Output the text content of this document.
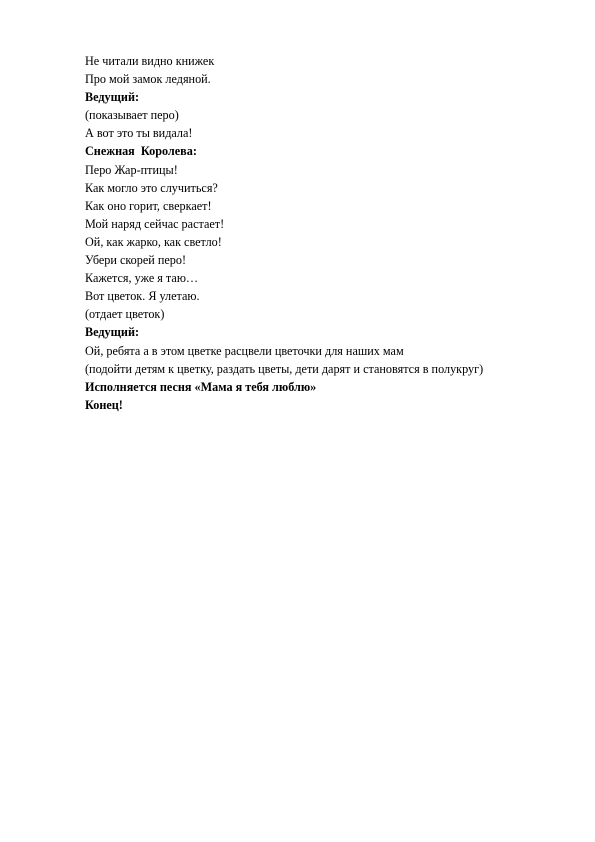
Не читали видно книжек

Про мой замок ледяной.

Ведущий:

(показывает перо)

А вот это ты видала!

Снежная  Королева:

Перо Жар-птицы!

Как могло это случиться?

Как оно горит, сверкает!

Мой наряд сейчас растает!

Ой, как жарко, как светло!

Убери скорей перо!

Кажется, уже я таю…

Вот цветок. Я улетаю.

(отдает цветок)

Ведущий:

Ой, ребята а в этом цветке расцвели цветочки для наших мам

(подойти детям к цветку, раздать цветы, дети дарят и становятся в полукруг)

Исполняется песня «Мама я тебя люблю»

Конец!
